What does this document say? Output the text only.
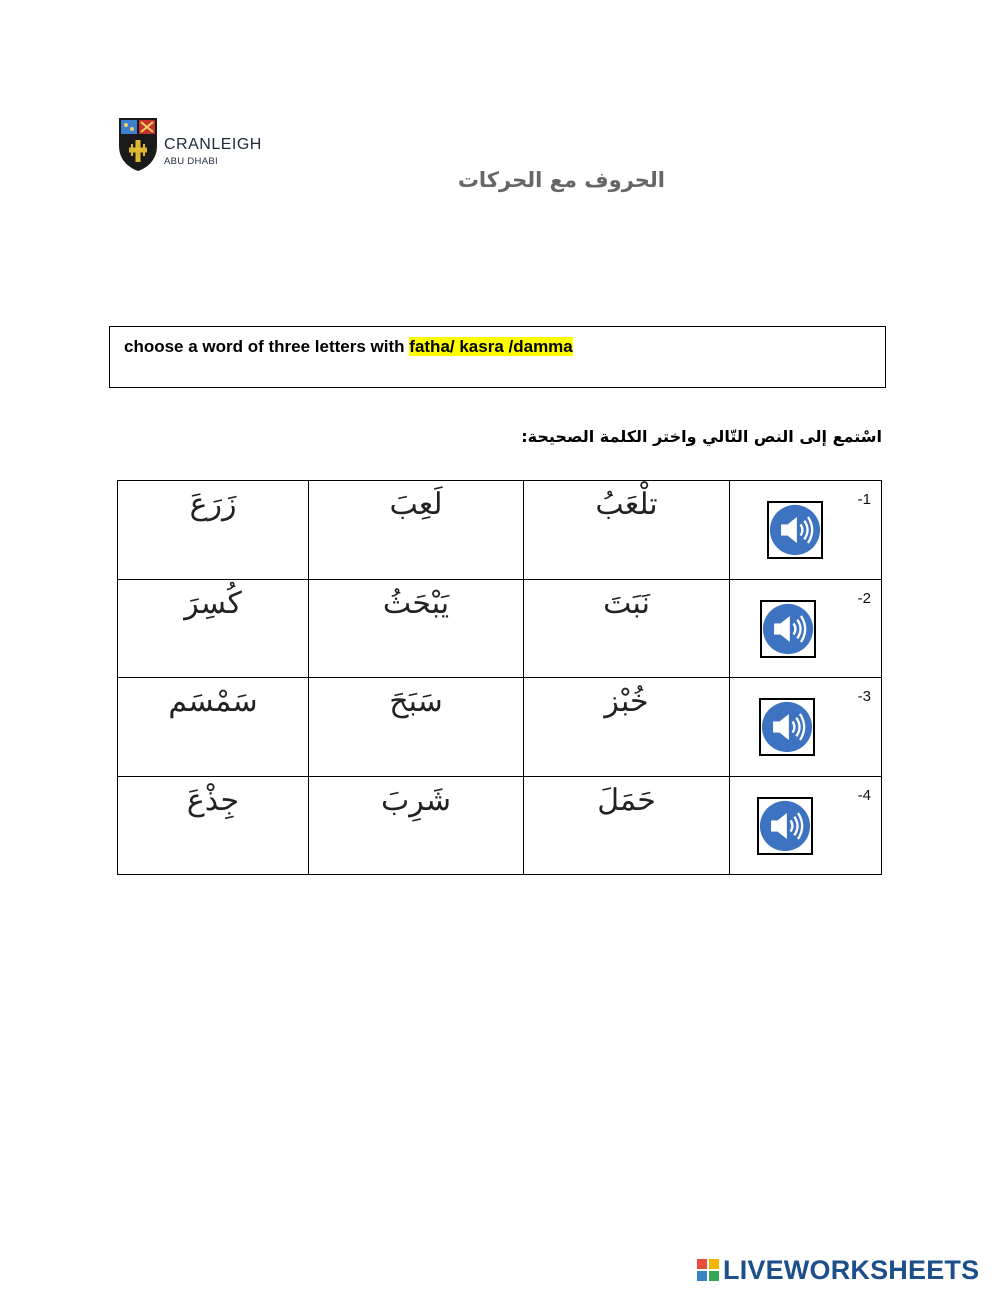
CRANLEIGH
ABU DHABI
الحروف مع الحركات
choose a word of three letters with fatha/ kasra /damma
اسْتمع إلى النص التّالي واختر الكلمة الصحيحة:
زَرَعَ	لَعِبَ	تلْعَبُ	-1

كُسِرَ	يَبْحَثُ	نَبَتَ	-2

سَمْسَم	سَبَحَ	خُبْز	-3

جِذْعَ	شَرِبَ	حَمَلَ	-4
LIVEWORKSHEETS
